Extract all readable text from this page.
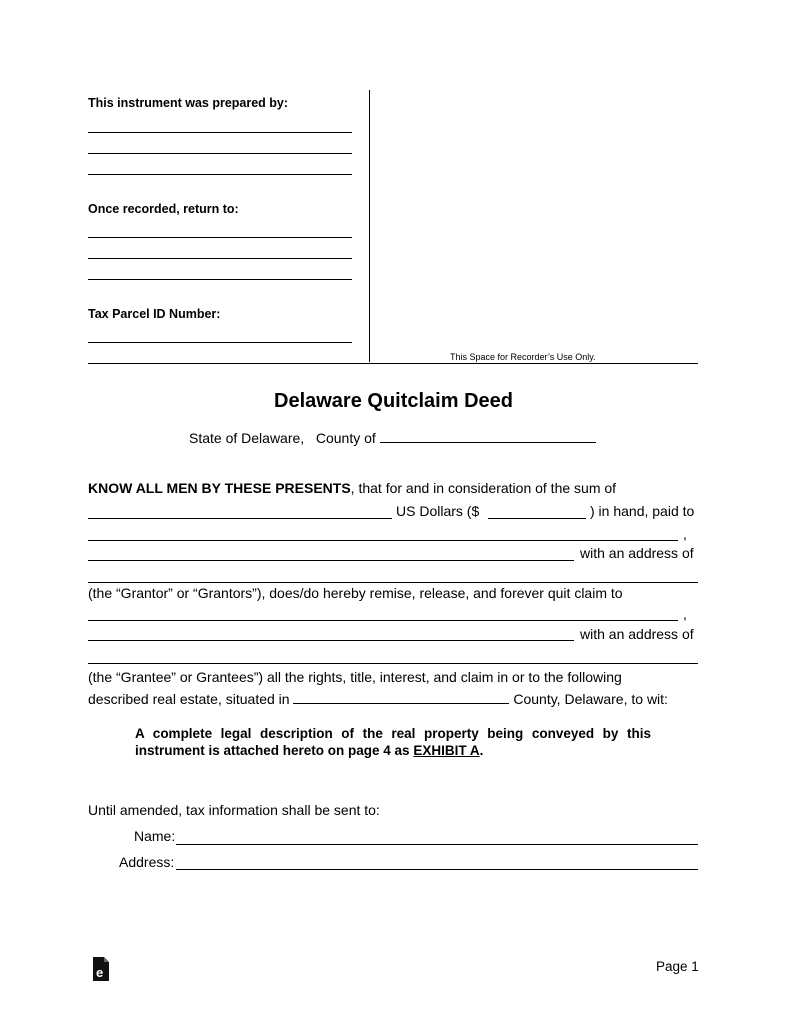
This instrument was prepared by:
Once recorded, return to:
Tax Parcel ID Number:
This Space for Recorder’s Use Only.
Delaware Quitclaim Deed
State of Delaware, County of
KNOW ALL MEN BY THESE PRESENTS, that for and in consideration of the sum of
US Dollars ($	) in hand, paid to
,
with an address of
(the “Grantor” or “Grantors”), does/do hereby remise, release, and forever quit claim to
,
with an address of
(the “Grantee” or Grantees”) all the rights, title, interest, and claim in or to the following
described real estate, situated in	County, Delaware, to wit:
A complete legal description of the real property being conveyed by this instrument is attached hereto on page 4 as EXHIBIT A.
Until amended, tax information shall be sent to:
Name:
Address:
e	Page 1
